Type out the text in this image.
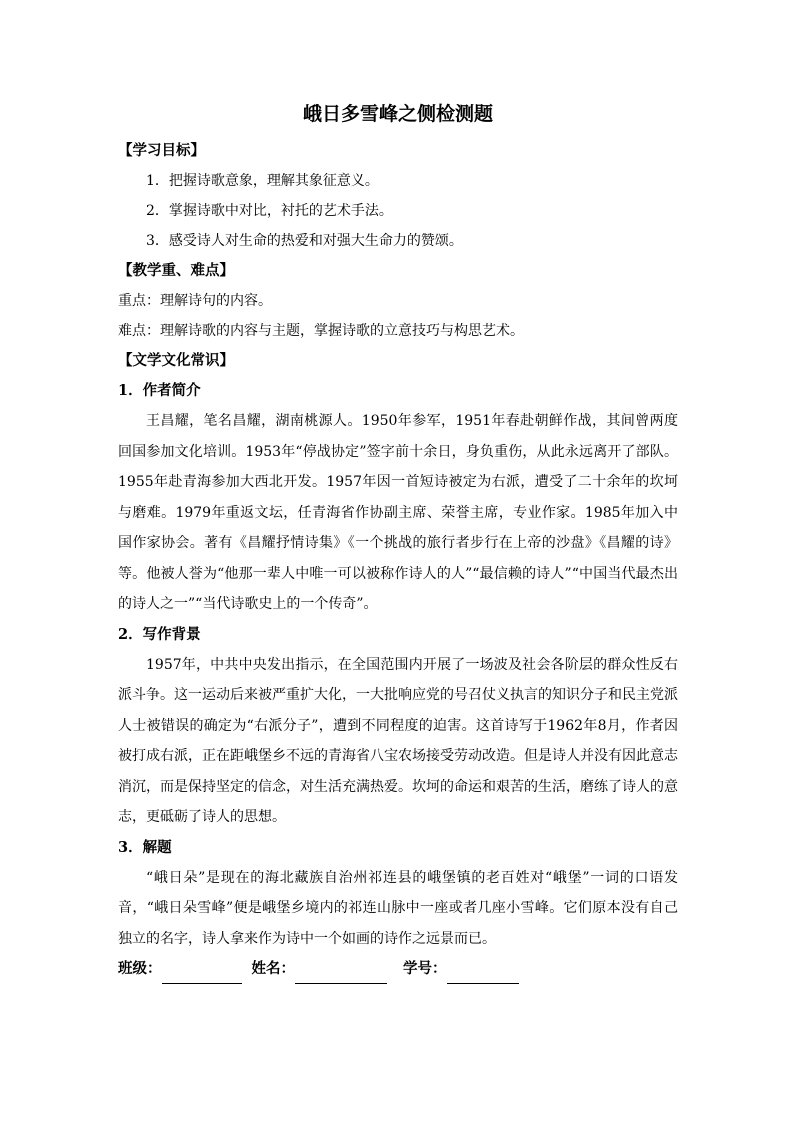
峨日多雪峰之侧检测题
【学习目标】
1．把握诗歌意象，理解其象征意义。
2．掌握诗歌中对比，衬托的艺术手法。
3．感受诗人对生命的热爱和对强大生命力的赞颂。
【教学重、难点】
重点：理解诗句的内容。
难点：理解诗歌的内容与主题，掌握诗歌的立意技巧与构思艺术。
【文学文化常识】
1．作者简介

王昌耀，笔名昌耀，湖南桃源人。1950年参军，1951年春赴朝鲜作战，其间曾两度回国参加文化培训。1953年“停战协定”签字前十余日，身负重伤，从此永远离开了部队。1955年赴青海参加大西北开发。1957年因一首短诗被定为右派，遭受了二十余年的坎坷与磨难。1979年重返文坛，任青海省作协副主席、荣誉主席，专业作家。1985年加入中国作家协会。著有《昌耀抒情诗集》《一个挑战的旅行者步行在上帝的沙盘》《昌耀的诗》等。他被人誉为“他那一辈人中唯一可以被称作诗人的人”“最信赖的诗人”“中国当代最杰出的诗人之一”“当代诗歌史上的一个传奇”。

2．写作背景

1957年，中共中央发出指示，在全国范围内开展了一场波及社会各阶层的群众性反右派斗争。这一运动后来被严重扩大化，一大批响应党的号召仗义执言的知识分子和民主党派人士被错误的确定为“右派分子”，遭到不同程度的迫害。这首诗写于1962年8月，作者因被打成右派，正在距峨堡乡不远的青海省八宝农场接受劳动改造。但是诗人并没有因此意志消沉，而是保持坚定的信念，对生活充满热爱。坎坷的命运和艰苦的生活，磨练了诗人的意志，更砥砺了诗人的思想。

3．解题

“峨日朵”是现在的海北藏族自治州祁连县的峨堡镇的老百姓对“峨堡”一词的口语发音，“峨日朵雪峰”便是峨堡乡境内的祁连山脉中一座或者几座小雪峰。它们原本没有自己独立的名字，诗人拿来作为诗中一个如画的诗作之远景而已。

班级：	姓名：	学号：
